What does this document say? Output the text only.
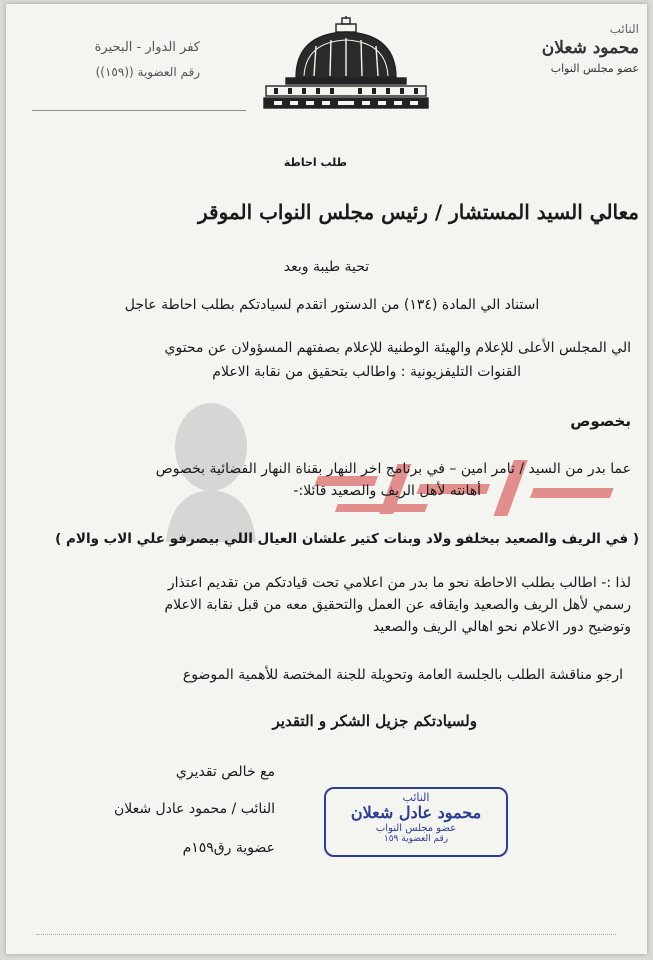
النائب
محمود شعلان
عضو مجلس النواب
كفر الدوار - البحيرة
رقم العضوية ((١٥٩))
طلب احاطة
معالي السيد المستشار / رئيس مجلس النواب الموقر
تحية طيبة وبعد
استناد الي المادة (١٣٤) من الدستور اتقدم لسيادتكم بطلب احاطة عاجل
الي المجلس الأعلى للإعلام والهيئة الوطنية للإعلام بصفتهم المسؤولان عن محتوي
القنوات التليفزيونية : واطالب بتحقيق من نقابة الاعلام
بخصوص
عما بدر من السيد / تامر امين – في برنامج اخر النهار بقناة النهار الفضائية بخصوص
أهانته لأهل الريف والصعيد قائلا:-
( في الريف والصعيد بيخلفو ولاد وبنات كتير علشان العيال اللي بيصرفو علي الاب والام )
لذا :- اطالب بطلب الاحاطة نحو ما بدر من اعلامي تحت قيادتكم من تقديم اعتذار
رسمي لأهل الريف والصعيد وايقافه عن العمل والتحقيق معه من قبل نقابة الاعلام
وتوضيح دور الاعلام نحو اهالي الريف والصعيد
ارجو مناقشة الطلب بالجلسة العامة وتحويلة للجنة المختصة للأهمية الموضوع
ولسيادتكم جزيل الشكر و التقدير
مع خالص تقديري
النائب / محمود عادل شعلان
عضوية رق١٥٩م
النائب
محمود عادل شعلان
عضو مجلس النواب
رقم العضوية ١٥٩
